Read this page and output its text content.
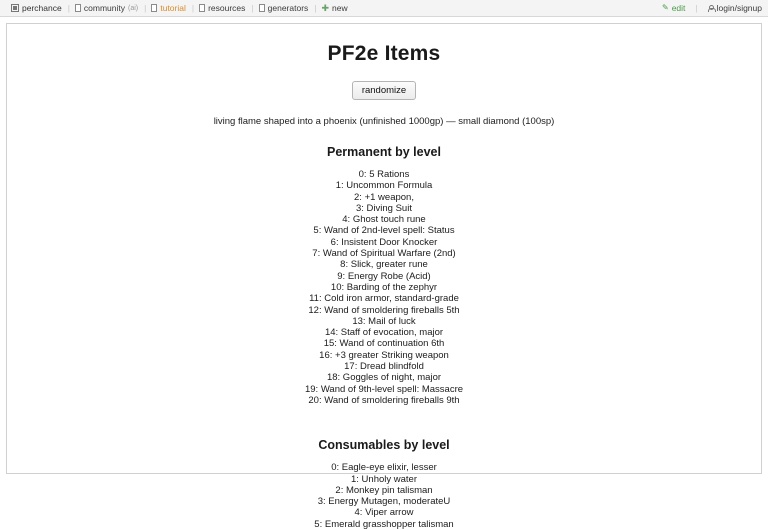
perchance | community (ai) | tutorial | resources | generators | ✚ new	✎ edit | login/signup
PF2e Items
randomize
living flame shaped into a phoenix (unfinished 1000gp) — small diamond (100sp)
Permanent by level
0: 5 Rations
1: Uncommon Formula
2: +1 weapon,
3: Diving Suit
4: Ghost touch rune
5: Wand of 2nd-level spell: Status
6: Insistent Door Knocker
7: Wand of Spiritual Warfare (2nd)
8: Slick, greater rune
9: Energy Robe (Acid)
10: Barding of the zephyr
11: Cold iron armor, standard-grade
12: Wand of smoldering fireballs 5th
13: Mail of luck
14: Staff of evocation, major
15: Wand of continuation 6th
16: +3 greater Striking weapon
17: Dread blindfold
18: Goggles of night, major
19: Wand of 9th-level spell: Massacre
20: Wand of smoldering fireballs 9th
Consumables by level
0: Eagle-eye elixir, lesser
1: Unholy water
2: Monkey pin talisman
3: Energy Mutagen, moderateU
4: Viper arrow
5: Emerald grasshopper talisman
